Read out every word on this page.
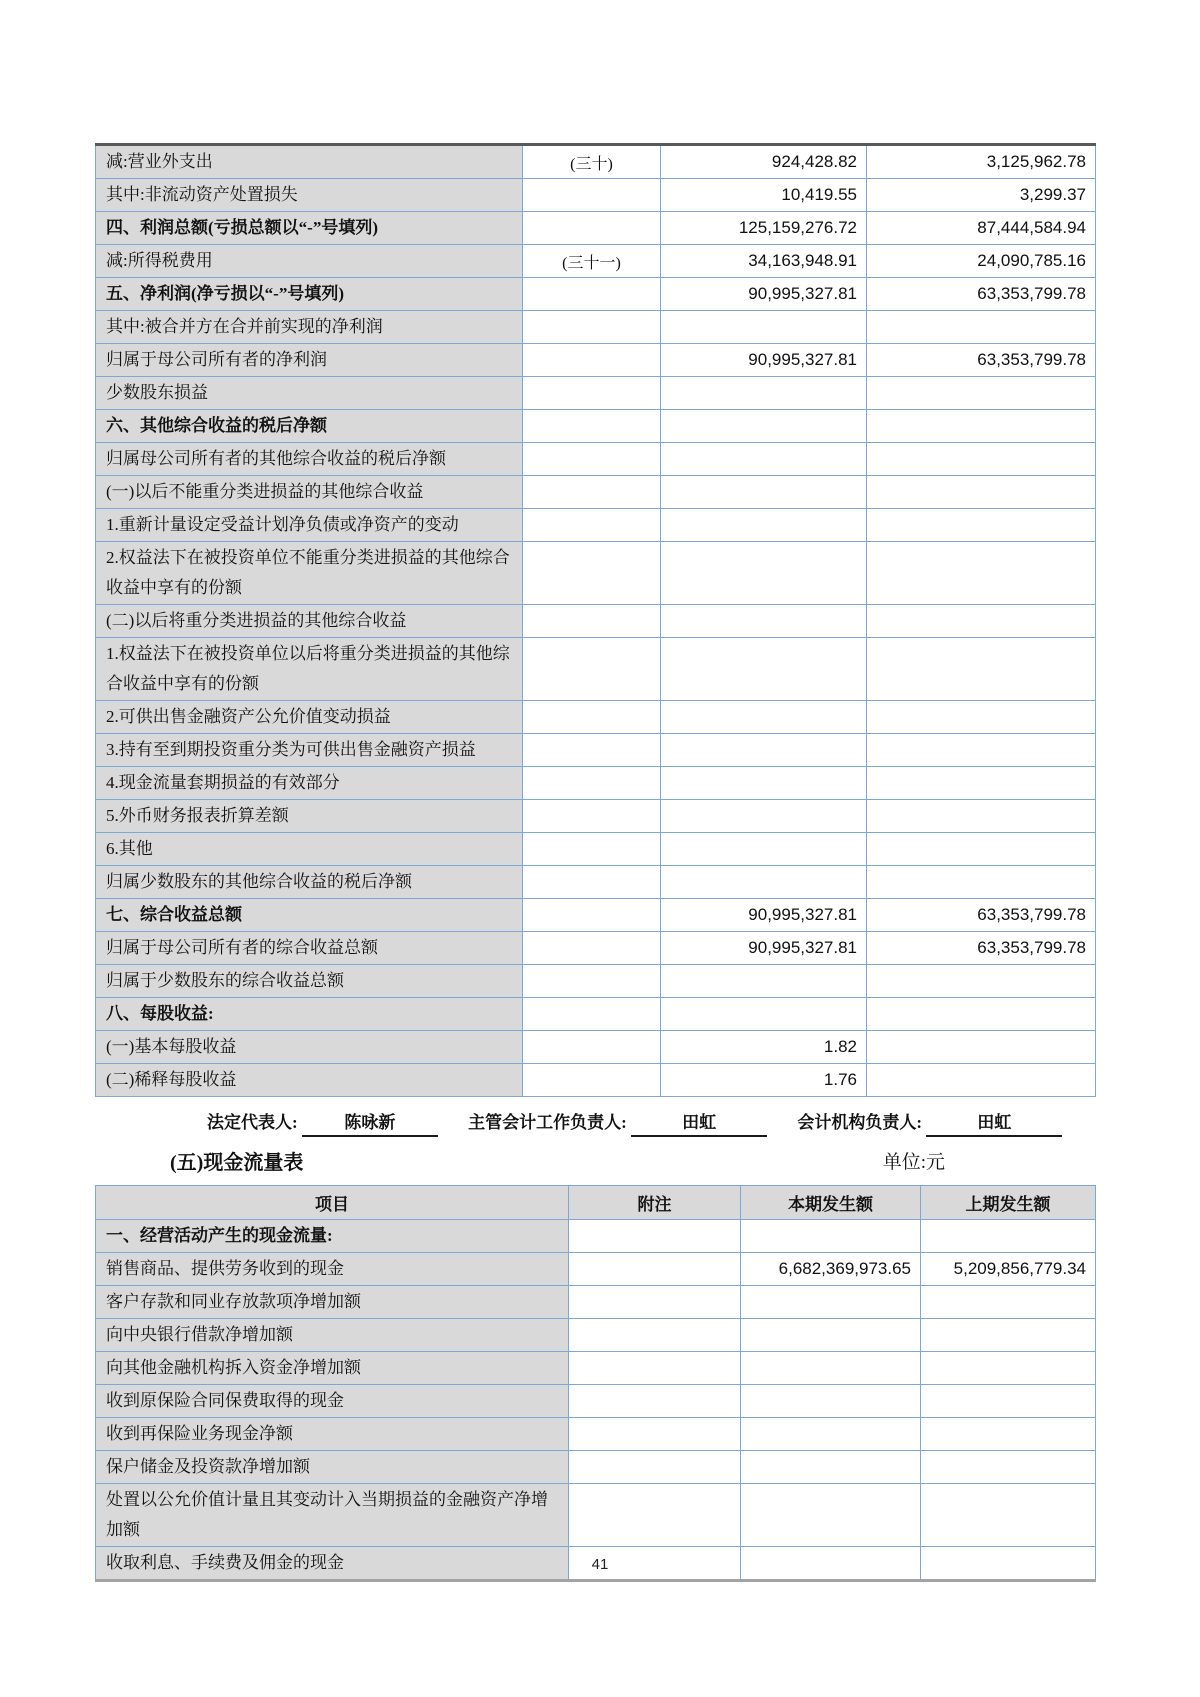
减:营业外支出	(三十)	924,428.82	3,125,962.78
其中:非流动资产处置损失		10,419.55	3,299.37
四、利润总额(亏损总额以“-”号填列)		125,159,276.72	87,444,584.94
减:所得税费用	(三十一)	34,163,948.91	24,090,785.16
五、净利润(净亏损以“-”号填列)		90,995,327.81	63,353,799.78
其中:被合并方在合并前实现的净利润			
归属于母公司所有者的净利润		90,995,327.81	63,353,799.78
少数股东损益			
六、其他综合收益的税后净额			
归属母公司所有者的其他综合收益的税后净额			
(一)以后不能重分类进损益的其他综合收益			
1.重新计量设定受益计划净负债或净资产的变动			
2.权益法下在被投资单位不能重分类进损益的其他综合收益中享有的份额			
(二)以后将重分类进损益的其他综合收益			
1.权益法下在被投资单位以后将重分类进损益的其他综合收益中享有的份额			
2.可供出售金融资产公允价值变动损益			
3.持有至到期投资重分类为可供出售金融资产损益			
4.现金流量套期损益的有效部分			
5.外币财务报表折算差额			
6.其他			
归属少数股东的其他综合收益的税后净额			
七、综合收益总额		90,995,327.81	63,353,799.78
归属于母公司所有者的综合收益总额		90,995,327.81	63,353,799.78
归属于少数股东的综合收益总额			
八、每股收益:			
(一)基本每股收益		1.82	
(二)稀释每股收益		1.76	
法定代表人:	陈咏新	主管会计工作负责人:	田虹	会计机构负责人:	田虹
(五)现金流量表	单位:元
项目	附注	本期发生额	上期发生额
一、经营活动产生的现金流量:			
销售商品、提供劳务收到的现金		6,682,369,973.65	5,209,856,779.34
客户存款和同业存放款项净增加额			
向中央银行借款净增加额			
向其他金融机构拆入资金净增加额			
收到原保险合同保费取得的现金			
收到再保险业务现金净额			
保户储金及投资款净增加额			
处置以公允价值计量且其变动计入当期损益的金融资产净增加额			
收取利息、手续费及佣金的现金				41
